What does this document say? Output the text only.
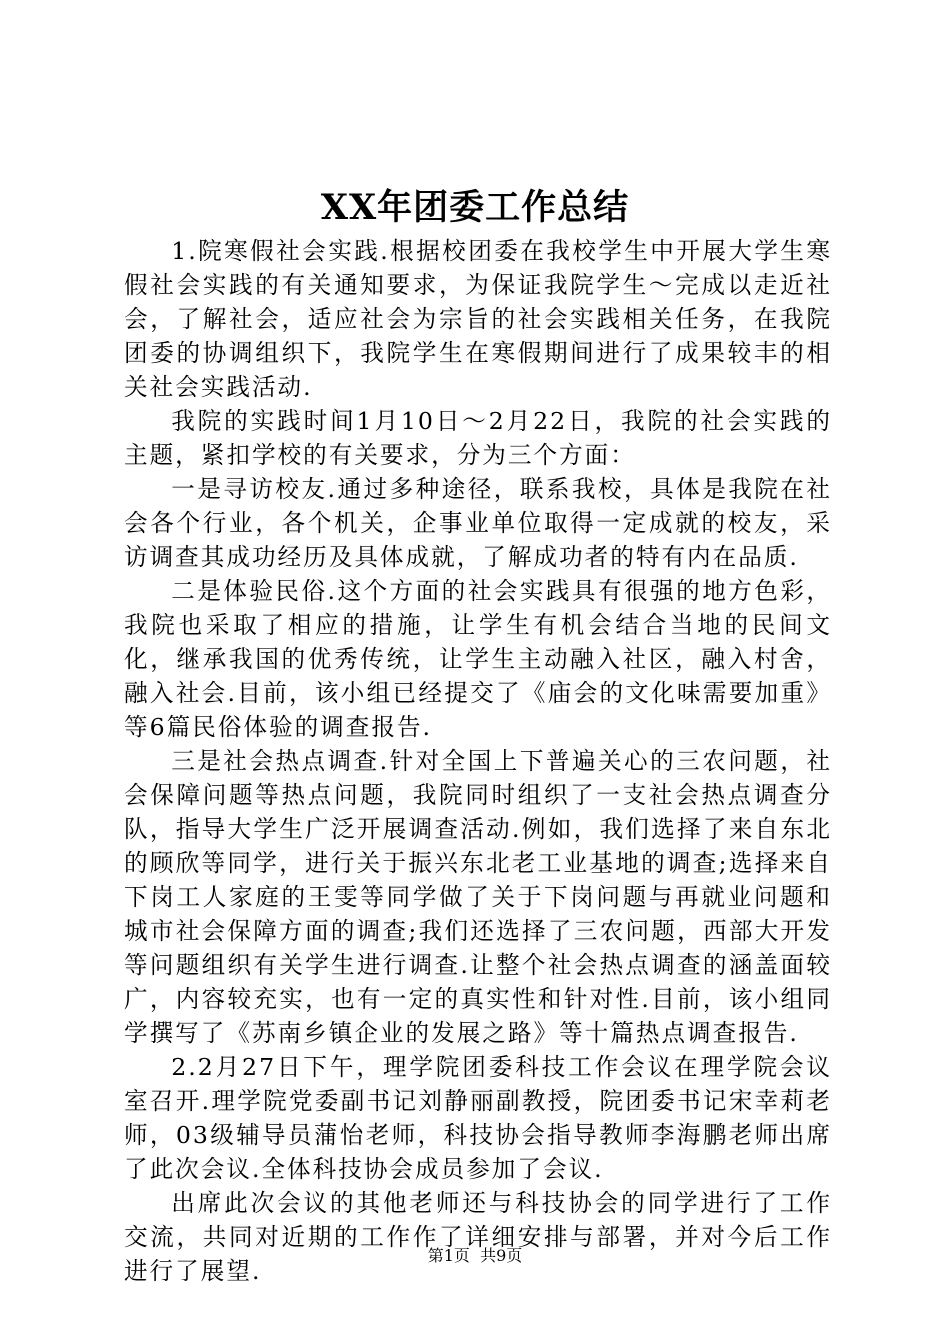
XX年团委工作总结

1.院寒假社会实践.根据校团委在我校学生中开展大学生寒假社会实践的有关通知要求，为保证我院学生～完成以走近社会，了解社会，适应社会为宗旨的社会实践相关任务，在我院团委的协调组织下，我院学生在寒假期间进行了成果较丰的相关社会实践活动.

我院的实践时间1月10日～2月22日，我院的社会实践的主题，紧扣学校的有关要求，分为三个方面：

一是寻访校友.通过多种途径，联系我校，具体是我院在社会各个行业，各个机关，企事业单位取得一定成就的校友，采访调查其成功经历及具体成就，了解成功者的特有内在品质.

二是体验民俗.这个方面的社会实践具有很强的地方色彩，我院也采取了相应的措施，让学生有机会结合当地的民间文化，继承我国的优秀传统，让学生主动融入社区，融入村舍，融入社会.目前，该小组已经提交了《庙会的文化味需要加重》等6篇民俗体验的调查报告.

三是社会热点调查.针对全国上下普遍关心的三农问题，社会保障问题等热点问题，我院同时组织了一支社会热点调查分队，指导大学生广泛开展调查活动.例如，我们选择了来自东北的顾欣等同学，进行关于振兴东北老工业基地的调查;选择来自下岗工人家庭的王雯等同学做了关于下岗问题与再就业问题和城市社会保障方面的调查;我们还选择了三农问题，西部大开发等问题组织有关学生进行调查.让整个社会热点调查的涵盖面较广，内容较充实，也有一定的真实性和针对性.目前，该小组同学撰写了《苏南乡镇企业的发展之路》等十篇热点调查报告.

2.2月27日下午，理学院团委科技工作会议在理学院会议室召开.理学院党委副书记刘静丽副教授，院团委书记宋幸莉老师，03级辅导员蒲怡老师，科技协会指导教师李海鹏老师出席了此次会议.全体科技协会成员参加了会议.

出席此次会议的其他老师还与科技协会的同学进行了工作交流，共同对近期的工作作了详细安排与部署，并对今后工作进行了展望.

第1页 共9页
